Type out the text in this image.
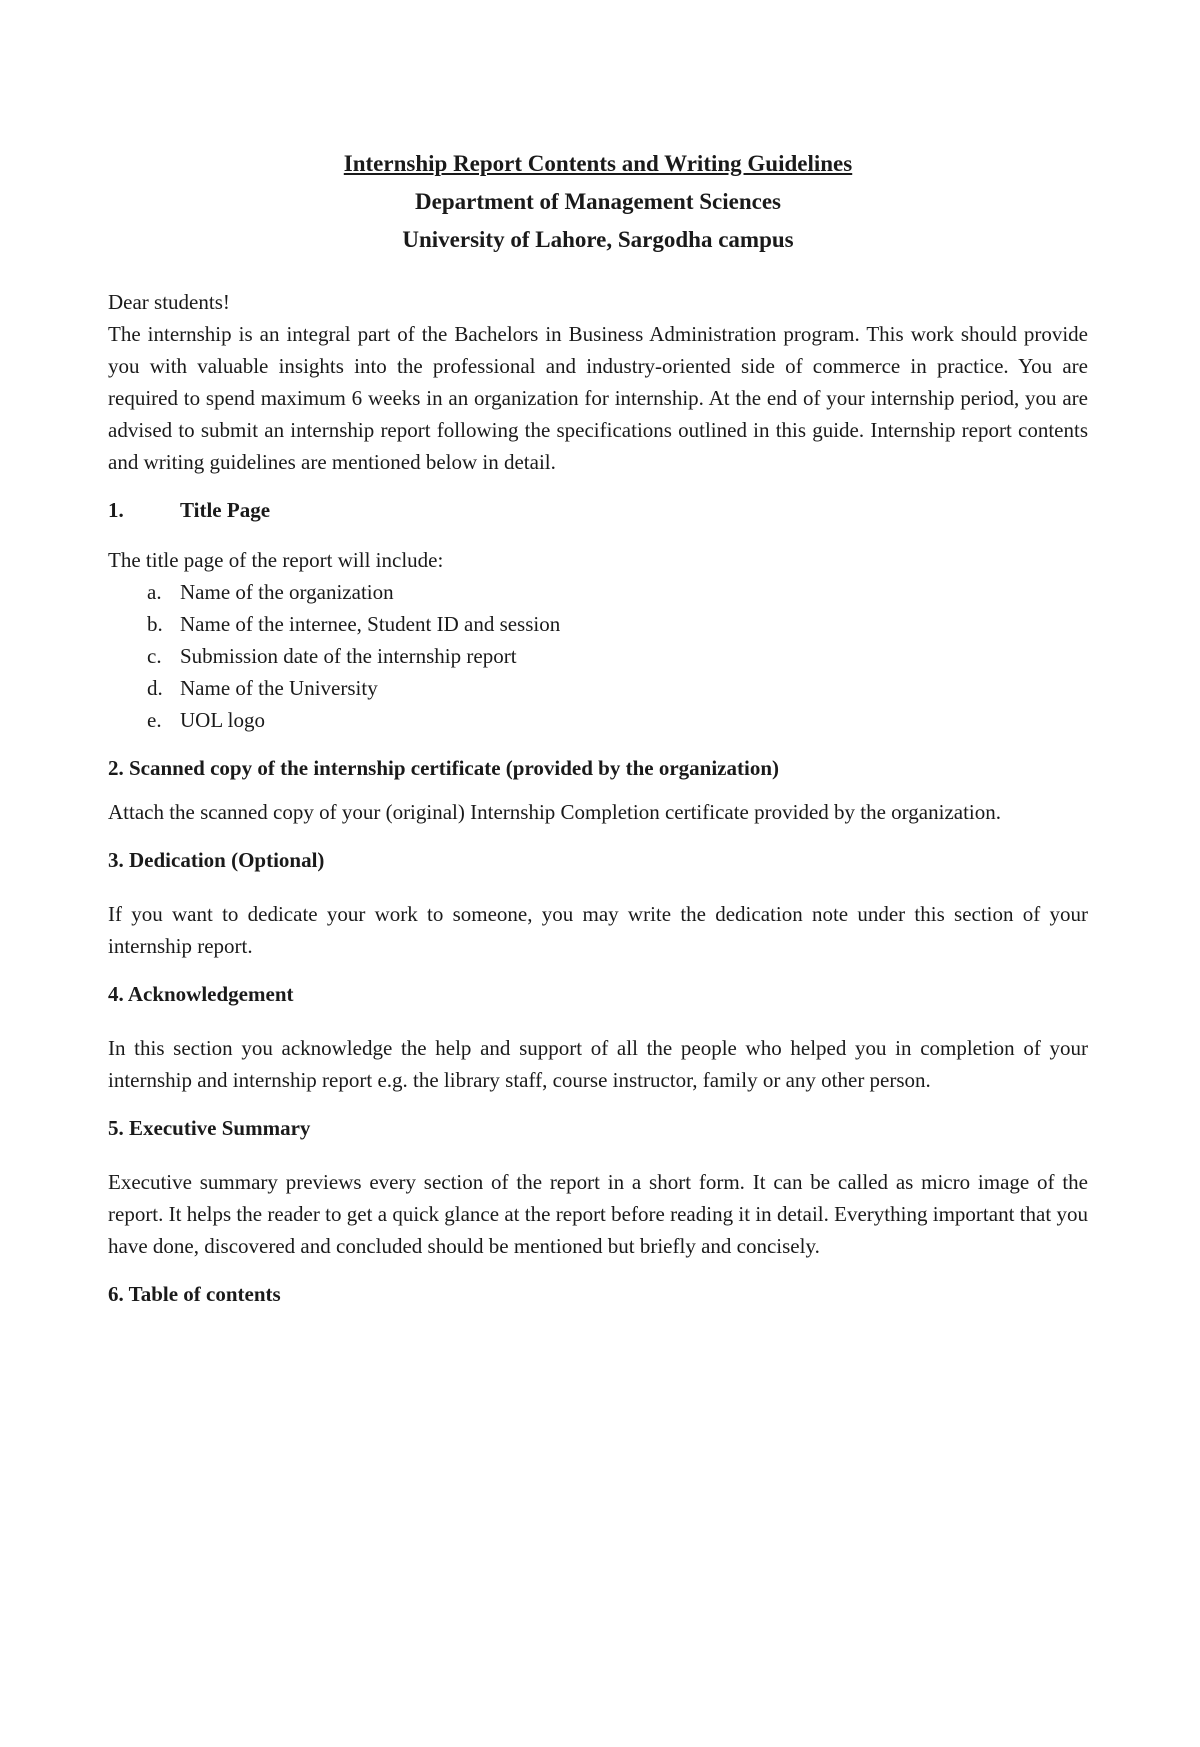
Internship Report Contents and Writing Guidelines
Department of Management Sciences
University of Lahore, Sargodha campus

Dear students!

The internship is an integral part of the Bachelors in Business Administration program. This work should provide you with valuable insights into the professional and industry-oriented side of commerce in practice. You are required to spend maximum 6 weeks in an organization for internship. At the end of your internship period, you are advised to submit an internship report following the specifications outlined in this guide. Internship report contents and writing guidelines are mentioned below in detail.

1.	Title Page

The title page of the report will include:

a. Name of the organization
b. Name of the internee, Student ID and session
c. Submission date of the internship report
d. Name of the University
e. UOL logo
2. Scanned copy of the internship certificate (provided by the organization)

Attach the scanned copy of your (original) Internship Completion certificate provided by the organization.

3. Dedication (Optional)

If you want to dedicate your work to someone, you may write the dedication note under this section of your internship report.

4. Acknowledgement

In this section you acknowledge the help and support of all the people who helped you in completion of your internship and internship report e.g. the library staff, course instructor, family or any other person.

5. Executive Summary

Executive summary previews every section of the report in a short form. It can be called as micro image of the report. It helps the reader to get a quick glance at the report before reading it in detail. Everything important that you have done, discovered and concluded should be mentioned but briefly and concisely.

6. Table of contents
